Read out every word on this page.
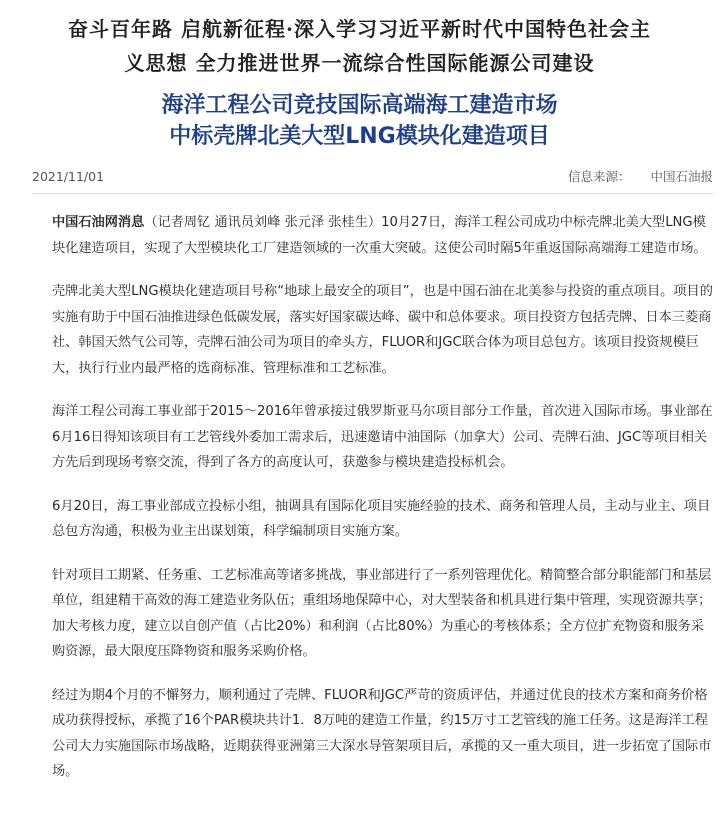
奋斗百年路 启航新征程·深入学习习近平新时代中国特色社会主
义思想 全力推进世界一流综合性国际能源公司建设
海洋工程公司竞技国际高端海工建造市场
中标壳牌北美大型LNG模块化建造项目
2021/11/01	信息来源： 中国石油报

中国石油网消息（记者周钇 通讯员刘峰 张元泽 张桂生）10月27日，海洋工程公司成功中标壳牌北美大型LNG模块化建造项目，实现了大型模块化工厂建造领域的一次重大突破。这使公司时隔5年重返国际高端海工建造市场。

壳牌北美大型LNG模块化建造项目号称“地球上最安全的项目”，也是中国石油在北美参与投资的重点项目。项目的实施有助于中国石油推进绿色低碳发展，落实好国家碳达峰、碳中和总体要求。项目投资方包括壳牌、日本三菱商社、韩国天然气公司等，壳牌石油公司为项目的牵头方，FLUOR和JGC联合体为项目总包方。该项目投资规模巨大，执行行业内最严格的选商标准、管理标准和工艺标准。

海洋工程公司海工事业部于2015～2016年曾承接过俄罗斯亚马尔项目部分工作量，首次进入国际市场。事业部在6月16日得知该项目有工艺管线外委加工需求后，迅速邀请中油国际（加拿大）公司、壳牌石油、JGC等项目相关方先后到现场考察交流，得到了各方的高度认可，获邀参与模块建造投标机会。

6月20日，海工事业部成立投标小组，抽调具有国际化项目实施经验的技术、商务和管理人员，主动与业主、项目总包方沟通，积极为业主出谋划策，科学编制项目实施方案。

针对项目工期紧、任务重、工艺标准高等诸多挑战，事业部进行了一系列管理优化。精简整合部分职能部门和基层单位，组建精干高效的海工建造业务队伍；重组场地保障中心，对大型装备和机具进行集中管理，实现资源共享；加大考核力度，建立以自创产值（占比20%）和利润（占比80%）为重心的考核体系；全方位扩充物资和服务采购资源，最大限度压降物资和服务采购价格。

经过为期4个月的不懈努力，顺利通过了壳牌、FLUOR和JGC严苛的资质评估，并通过优良的技术方案和商务价格成功获得授标，承揽了16个PAR模块共计1．8万吨的建造工作量，约15万寸工艺管线的施工任务。这是海洋工程公司大力实施国际市场战略，近期获得亚洲第三大深水导管架项目后，承揽的又一重大项目，进一步拓宽了国际市场。
